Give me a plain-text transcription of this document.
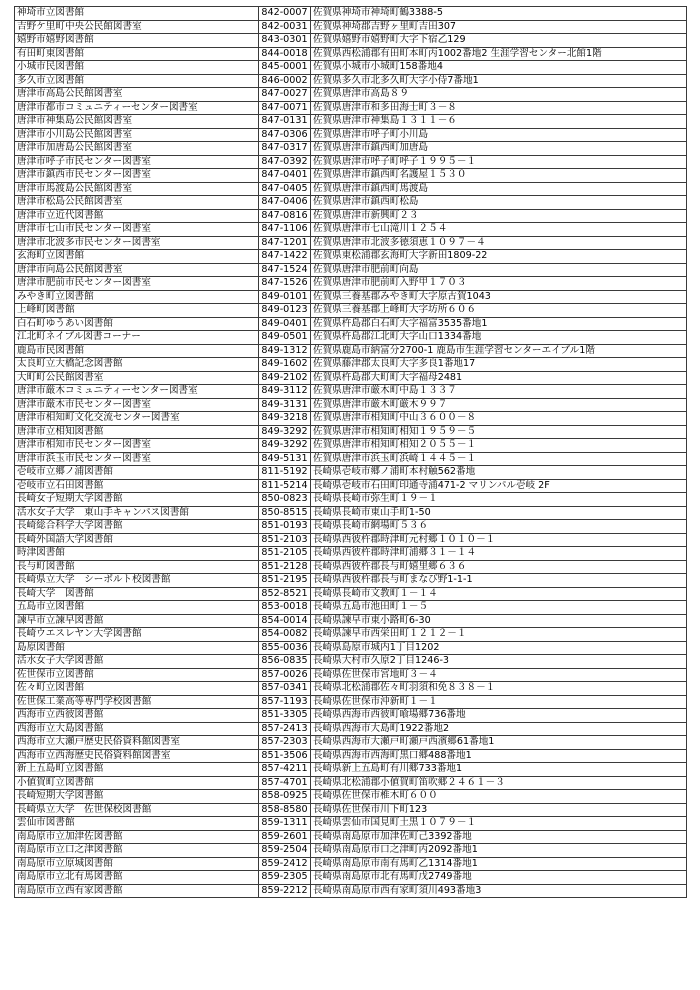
神埼市立図書館	842-0007	佐賀県神埼市神埼町鶴3388-5
吉野ケ里町中央公民館図書室	842-0031	佐賀県神埼郡吉野ヶ里町吉田307
嬉野市嬉野図書館	843-0301	佐賀県嬉野市嬉野町大字下宿乙129
有田町東図書館	844-0018	佐賀県西松浦郡有田町本町丙1002番地2 生涯学習センター北館1階
小城市民図書館	845-0001	佐賀県小城市小城町158番地4
多久市立図書館	846-0002	佐賀県多久市北多久町大字小侍7番地1
唐津市高島公民館図書室	847-0027	佐賀県唐津市高島８９
唐津市都市コミュニティーセンター図書室	847-0071	佐賀県唐津市和多田海士町３－８
唐津市神集島公民館図書室	847-0131	佐賀県唐津市神集島１３１１－６
唐津市小川島公民館図書室	847-0306	佐賀県唐津市呼子町小川島
唐津市加唐島公民館図書室	847-0317	佐賀県唐津市鎮西町加唐島
唐津市呼子市民センター図書室	847-0392	佐賀県唐津市呼子町呼子１９９５－１
唐津市鎮西市民センター図書室	847-0401	佐賀県唐津市鎮西町名護屋１５３０
唐津市馬渡島公民館図書室	847-0405	佐賀県唐津市鎮西町馬渡島
唐津市松島公民館図書室	847-0406	佐賀県唐津市鎮西町松島
唐津市立近代図書館	847-0816	佐賀県唐津市新興町２３
唐津市七山市民センター図書室	847-1106	佐賀県唐津市七山滝川１２５４
唐津市北波多市民センター図書室	847-1201	佐賀県唐津市北波多徳須恵１０９７－４
玄海町立図書館	847-1422	佐賀県東松浦郡玄海町大字新田1809-22
唐津市向島公民館図書室	847-1524	佐賀県唐津市肥前町向島
唐津市肥前市民センター図書室	847-1526	佐賀県唐津市肥前町入野甲１７０３
みやき町立図書館	849-0101	佐賀県三養基郡みやき町大字原古賀1043
上峰町図書館	849-0123	佐賀県三養基郡上峰町大字坊所６０６
白石町ゆうあい図書館	849-0401	佐賀県杵島郡白石町大字福富3535番地1
江北町ネイブル図書コーナー	849-0501	佐賀県杵島郡江北町大字山口1334番地
鹿島市民図書館	849-1312	佐賀県鹿島市納富分2700-1 鹿島市生涯学習センターエイブル1階
太良町立大橋記念図書館	849-1602	佐賀県藤津郡太良町大字多良1番地17
大町町公民館図書室	849-2102	佐賀県杵島郡大町町大字福母2481
唐津市厳木コミュニティーセンター図書室	849-3112	佐賀県唐津市厳木町中島１３３７
唐津市厳木市民センター図書室	849-3131	佐賀県唐津市厳木町厳木９９７
唐津市相知町文化交流センター図書室	849-3218	佐賀県唐津市相知町中山３６００－８
唐津市立相知図書館	849-3292	佐賀県唐津市相知町相知１９５９－５
唐津市相知市民センター図書室	849-3292	佐賀県唐津市相知町相知２０５５－１
唐津市浜玉市民センター図書室	849-5131	佐賀県唐津市浜玉町浜崎１４４５－１
壱岐市立郷ノ浦図書館	811-5192	長崎県壱岐市郷ノ浦町本村触562番地
壱岐市立石田図書館	811-5214	長崎県壱岐市石田町印通寺浦471-2 マリンパル壱岐 2F
長崎女子短期大学図書館	850-0823	長崎県長崎市弥生町１９－１
活水女子大学　東山手キャンパス図書館	850-8515	長崎県長崎市東山手町1-50
長崎総合科学大学図書館	851-0193	長崎県長崎市網場町５３６
長崎外国語大学図書館	851-2103	長崎県西彼杵郡時津町元村郷１０１０－１
時津図書館	851-2105	長崎県西彼杵郡時津町浦郷３１－１４
長与町図書館	851-2128	長崎県西彼杵郡長与町嬉里郷６３６
長崎県立大学　シーボルト校図書館	851-2195	長崎県西彼杵郡長与町まなび野1-1-1
長崎大学　図書館	852-8521	長崎県長崎市文教町１－１４
五島市立図書館	853-0018	長崎県五島市池田町１－５
諫早市立諫早図書館	854-0014	長崎県諫早市東小路町6-30
長崎ウエスレヤン大学図書館	854-0082	長崎県諫早市西栄田町１２１２－１
島原図書館	855-0036	長崎県島原市城内1丁目1202
活水女子大学図書館	856-0835	長崎県大村市久原2丁目1246-3
佐世保市立図書館	857-0026	長崎県佐世保市宮地町３－４
佐々町立図書館	857-0341	長崎県北松浦郡佐々町羽須和免８３８－１
佐世保工業高等専門学校図書館	857-1193	長崎県佐世保市沖新町１－１
西海市立西彼図書館	851-3305	長崎県西海市西彼町喰場郷736番地
西海市立大島図書館	857-2413	長崎県西海市大島町1922番地2
西海市立大瀬戸歴史民俗資料館図書室	857-2303	長崎県西海市大瀬戸町瀬戸西濱郷61番地1
西海市立西海歴史民俗資料館図書室	851-3506	長崎県西海市西海町黒口郷488番地1
新上五島町立図書館	857-4211	長崎県新上五島町有川郷733番地1
小値賀町立図書館	857-4701	長崎県北松浦郡小値賀町笛吹郷２４６１－３
長崎短期大学図書館	858-0925	長崎県佐世保市椎木町６００
長崎県立大学　佐世保校図書館	858-8580	長崎県佐世保市川下町123
雲仙市図書館	859-1311	長崎県雲仙市国見町土黒１０７９－１
南島原市立加津佐図書館	859-2601	長崎県南島原市加津佐町己3392番地
南島原市立口之津図書館	859-2504	長崎県南島原市口之津町丙2092番地1
南島原市立原城図書館	859-2412	長崎県南島原市南有馬町乙1314番地1
南島原市立北有馬図書館	859-2305	長崎県南島原市北有馬町戊2749番地
南島原市立西有家図書館	859-2212	長崎県南島原市西有家町須川493番地3
